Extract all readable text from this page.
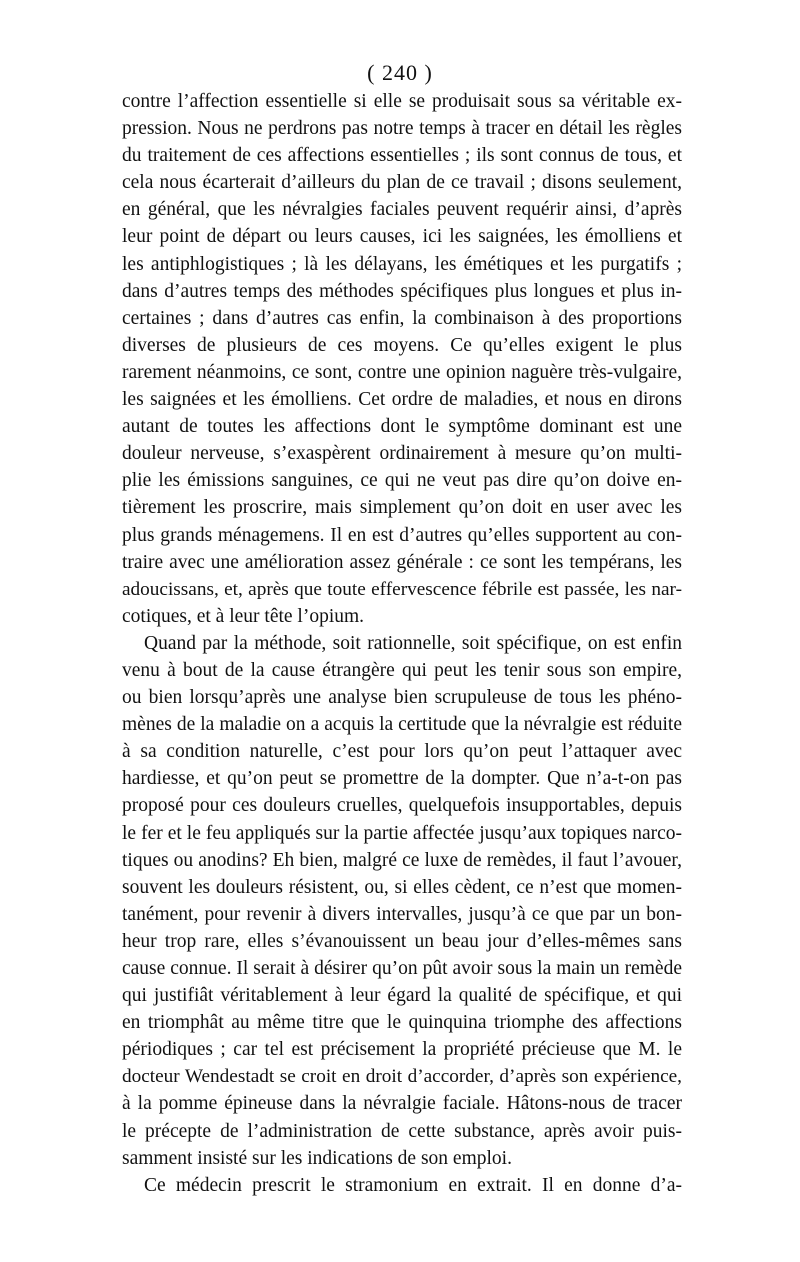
( 240 )
contre l’affection essentielle si elle se produisait sous sa véritable ex-
pression. Nous ne perdrons pas notre temps à tracer en détail les règles
du traitement de ces affections essentielles ; ils sont connus de tous, et
cela nous écarterait d’ailleurs du plan de ce travail ; disons seulement,
en général, que les névralgies faciales peuvent requérir ainsi, d’après
leur point de départ ou leurs causes, ici les saignées, les émolliens et
les antiphlogistiques ; là les délayans, les émétiques et les purgatifs ;
dans d’autres temps des méthodes spécifiques plus longues et plus in-
certaines ; dans d’autres cas enfin, la combinaison à des proportions
diverses de plusieurs de ces moyens. Ce qu’elles exigent le plus
rarement néanmoins, ce sont, contre une opinion naguère très-vulgaire,
les saignées et les émolliens. Cet ordre de maladies, et nous en dirons
autant de toutes les affections dont le symptôme dominant est une
douleur nerveuse, s’exaspèrent ordinairement à mesure qu’on multi-
plie les émissions sanguines, ce qui ne veut pas dire qu’on doive en-
tièrement les proscrire, mais simplement qu’on doit en user avec les
plus grands ménagemens. Il en est d’autres qu’elles supportent au con-
traire avec une amélioration assez générale : ce sont les tempérans, les
adoucissans, et, après que toute effervescence fébrile est passée, les nar-
cotiques, et à leur tête l’opium.
Quand par la méthode, soit rationnelle, soit spécifique, on est enfin
venu à bout de la cause étrangère qui peut les tenir sous son empire,
ou bien lorsqu’après une analyse bien scrupuleuse de tous les phéno-
mènes de la maladie on a acquis la certitude que la névralgie est réduite
à sa condition naturelle, c’est pour lors qu’on peut l’attaquer avec
hardiesse, et qu’on peut se promettre de la dompter. Que n’a-t-on pas
proposé pour ces douleurs cruelles, quelquefois insupportables, depuis
le fer et le feu appliqués sur la partie affectée jusqu’aux topiques narco-
tiques ou anodins? Eh bien, malgré ce luxe de remèdes, il faut l’avouer,
souvent les douleurs résistent, ou, si elles cèdent, ce n’est que momen-
tanément, pour revenir à divers intervalles, jusqu’à ce que par un bon-
heur trop rare, elles s’évanouissent un beau jour d’elles-mêmes sans
cause connue. Il serait à désirer qu’on pût avoir sous la main un remède
qui justifiât véritablement à leur égard la qualité de spécifique, et qui
en triomphât au même titre que le quinquina triomphe des affections
périodiques ; car tel est précisement la propriété précieuse que M. le
docteur Wendestadt se croit en droit d’accorder, d’après son expérience,
à la pomme épineuse dans la névralgie faciale. Hâtons-nous de tracer
le précepte de l’administration de cette substance, après avoir puis-
samment insisté sur les indications de son emploi.
Ce médecin prescrit le stramonium en extrait. Il en donne d’a-
